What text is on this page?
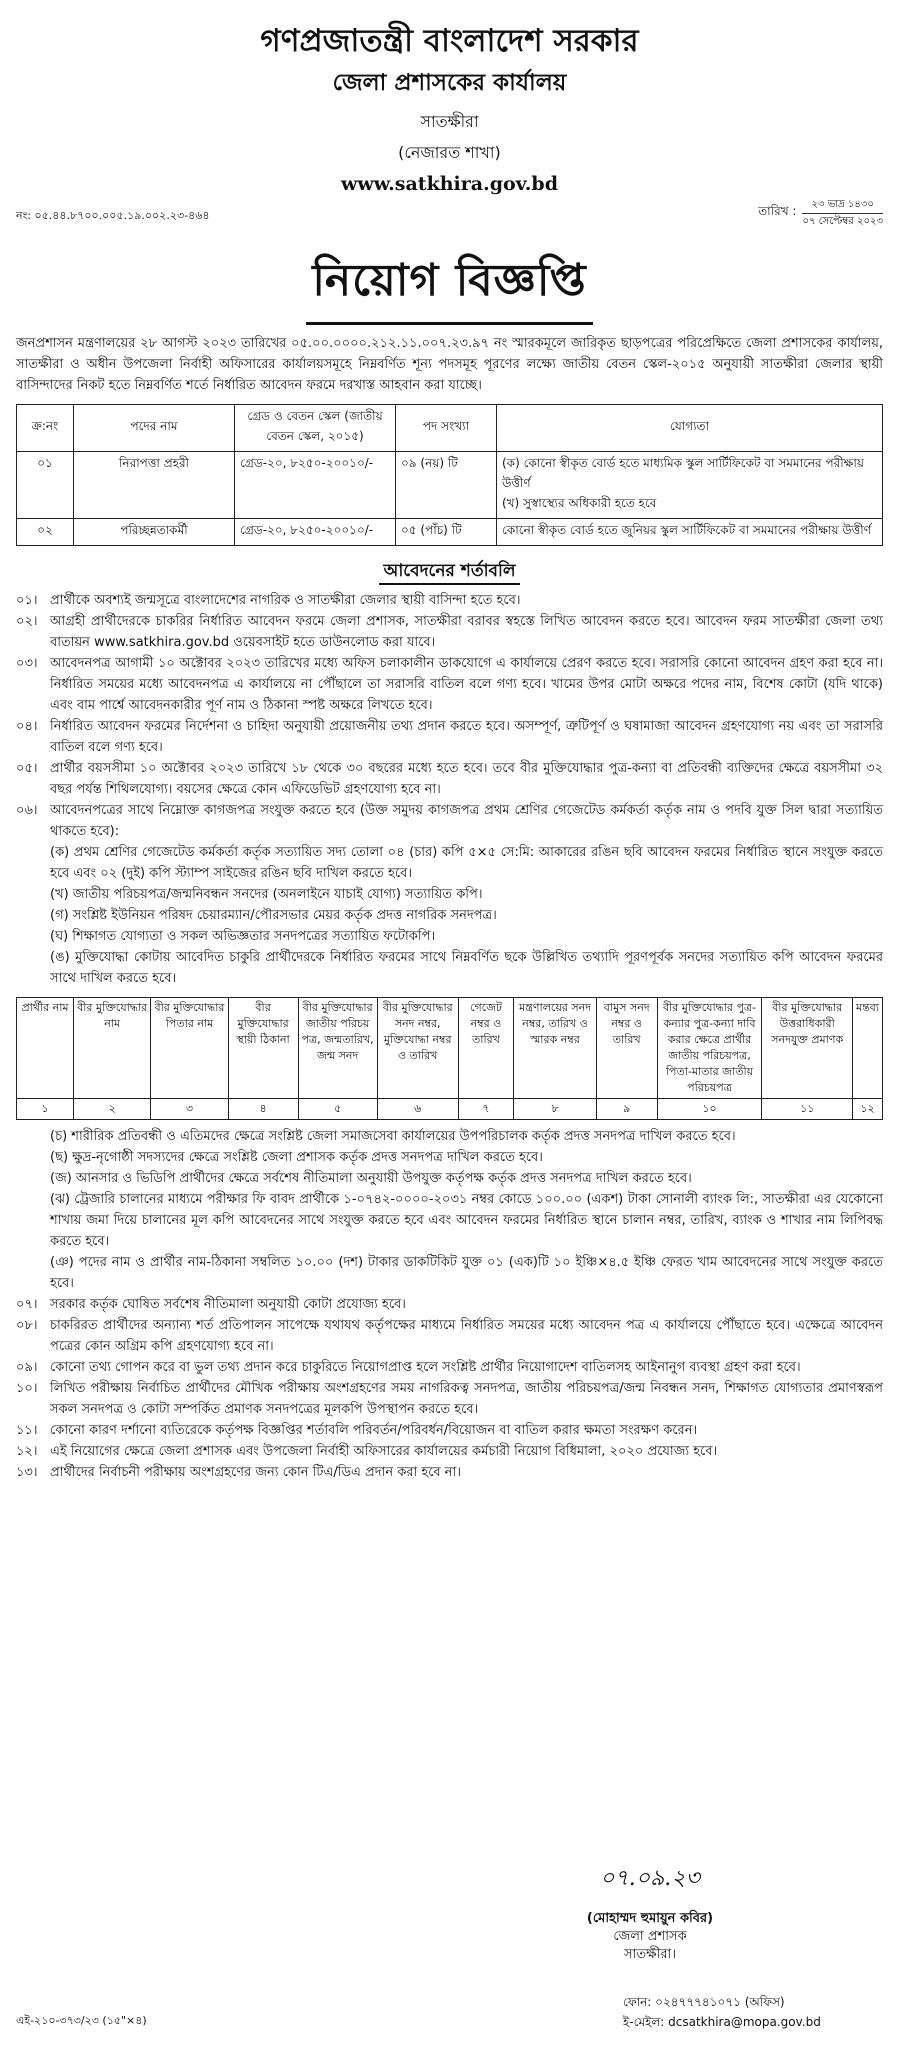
গণপ্রজাতন্ত্রী বাংলাদেশ সরকার
জেলা প্রশাসকের কার্যালয়
সাতক্ষীরা
(নেজারত শাখা)
www.satkhira.gov.bd
নং: ০৫.৪৪.৮৭০০.০০৫.১৯.০০২.২৩-৪৬৪	তারিখ :	২৩ ভাদ্র ১৪৩০
০৭ সেপ্টেম্বর ২০২৩
নিয়োগ বিজ্ঞপ্তি
জনপ্রশাসন মন্ত্রণালয়ের ২৮ আগস্ট ২০২৩ তারিখের ০৫.০০.০০০০.২১২.১১.০০৭.২৩.৯৭ নং স্মারকমূলে জারিকৃত ছাড়পত্রের পরিপ্রেক্ষিতে জেলা প্রশাসকের কার্যালয়, সাতক্ষীরা ও অধীন উপজেলা নির্বাহী অফিসারের কার্যালয়সমূহে নিম্নবর্ণিত শূন্য পদসমূহ পূরণের লক্ষ্যে জাতীয় বেতন স্কেল-২০১৫ অনুযায়ী সাতক্ষীরা জেলার স্থায়ী বাসিন্দাদের নিকট হতে নিম্নবর্ণিত শর্তে নির্ধারিত আবেদন ফরমে দরখাস্ত আহবান করা যাচ্ছে।
ক্র:নং	পদের নাম	গ্রেড ও বেতন স্কেল (জাতীয় বেতন স্কেল, ২০১৫)	পদ সংখ্যা	যোগ্যতা
০১	নিরাপত্তা প্রহরী	গ্রেড-২০, ৮২৫০-২০০১০/-	০৯ (নয়) টি	(ক) কোনো স্বীকৃত বোর্ড হতে মাধ্যমিক স্কুল সার্টিফিকেট বা সমমানের পরীক্ষায় উত্তীর্ণ
(খ) সুস্বাস্থ্যের অধিকারী হতে হবে
০২	পরিচ্ছন্নতাকর্মী	গ্রেড-২০, ৮২৫০-২০০১০/-	০৫ (পাঁচ) টি	কোনো স্বীকৃত বোর্ড হতে জুনিয়র স্কুল সার্টিফিকেট বা সমমানের পরীক্ষায় উত্তীর্ণ
আবেদনের শর্তাবলি
০১। প্রার্থীকে অবশ্যই জন্মসূত্রে বাংলাদেশের নাগরিক ও সাতক্ষীরা জেলার স্থায়ী বাসিন্দা হতে হবে।
০২। আগ্রহী প্রার্থীদেরকে চাকরির নির্ধারিত আবেদন ফরমে জেলা প্রশাসক, সাতক্ষীরা বরাবর স্বহস্তে লিখিত আবেদন করতে হবে। আবেদন ফরম সাতক্ষীরা জেলা তথ্য বাতায়ন www.satkhira.gov.bd ওয়েবসাইট হতে ডাউনলোড করা যাবে।
০৩। আবেদনপত্র আগামী ১০ অক্টোবর ২০২৩ তারিখের মধ্যে অফিস চলাকালীন ডাকযোগে এ কার্যালয়ে প্রেরণ করতে হবে। সরাসরি কোনো আবেদন গ্রহণ করা হবে না। নির্ধারিত সময়ের মধ্যে আবেদনপত্র এ কার্যালয়ে না পৌঁছালে তা সরাসরি বাতিল বলে গণ্য হবে। খামের উপর মোটা অক্ষরে পদের নাম, বিশেষ কোটা (যদি থাকে) এবং বাম পার্শ্বে আবেদনকারীর পূর্ণ নাম ও ঠিকানা স্পষ্ট অক্ষরে লিখতে হবে।
০৪। নির্ধারিত আবেদন ফরমের নির্দেশনা ও চাহিদা অনুযায়ী প্রয়োজনীয় তথ্য প্রদান করতে হবে। অসম্পূর্ণ, ত্রুটিপূর্ণ ও ঘষামাজা আবেদন গ্রহণযোগ্য নয় এবং তা সরাসরি বাতিল বলে গণ্য হবে।
০৫। প্রার্থীর বয়সসীমা ১০ অক্টোবর ২০২৩ তারিখে ১৮ থেকে ৩০ বছরের মধ্যে হতে হবে। তবে বীর মুক্তিযোদ্ধার পুত্র-কন্যা বা প্রতিবন্ধী ব্যক্তিদের ক্ষেত্রে বয়সসীমা ৩২ বছর পর্যন্ত শিথিলযোগ্য। বয়সের ক্ষেত্রে কোন এফিডেভিট গ্রহণযোগ্য হবে না।
০৬। আবেদনপত্রের সাথে নিম্নোক্ত কাগজপত্র সংযুক্ত করতে হবে (উক্ত সমুদয় কাগজপত্র প্রথম শ্রেণির গেজেটেড কর্মকর্তা কর্তৃক নাম ও পদবি যুক্ত সিল দ্বারা সত্যায়িত থাকতে হবে):
(ক) প্রথম শ্রেণির গেজেটেড কর্মকর্তা কর্তৃক সত্যায়িত সদ্য তোলা ০৪ (চার) কপি ৫×৫ সে:মি: আকারের রঙিন ছবি আবেদন ফরমের নির্ধারিত স্থানে সংযুক্ত করতে হবে এবং ০২ (দুই) কপি স্ট্যাম্প সাইজের রঙিন ছবি দাখিল করতে হবে।
(খ) জাতীয় পরিচয়পত্র/জন্মনিবন্ধন সনদের (অনলাইনে যাচাই যোগ্য) সত্যায়িত কপি।
(গ) সংশ্লিষ্ট ইউনিয়ন পরিষদ চেয়ারম্যান/পৌরসভার মেয়র কর্তৃক প্রদত্ত নাগরিক সনদপত্র।
(ঘ) শিক্ষাগত যোগ্যতা ও সকল অভিজ্ঞতার সনদপত্রের সত্যায়িত ফটোকপি।
(ঙ) মুক্তিযোদ্ধা কোটায় আবেদিত চাকুরি প্রার্থীদেরকে নির্ধারিত ফরমের সাথে নিম্নবর্ণিত ছকে উল্লিখিত তথ্যাদি পূরণপূর্বক সনদের সত্যায়িত কপি আবেদন ফরমের সাথে দাখিল করতে হবে।
প্রার্থীর নাম	বীর মুক্তিযোদ্ধার নাম	বীর মুক্তিযোদ্ধার পিতার নাম	বীর মুক্তিযোদ্ধার স্থায়ী ঠিকানা	বীর মুক্তিযোদ্ধার জাতীয় পরিচয় পত্র, জন্মতারিখ, জন্ম সনদ	বীর মুক্তিযোদ্ধার সনদ নম্বর, মুক্তিযোদ্ধা নম্বর ও তারিখ	গেজেট নম্বর ও তারিখ	মন্ত্রণালয়ের সনদ নম্বর, তারিখ ও স্মারক নম্বর	বামুস সনদ নম্বর ও তারিখ	বীর মুক্তিযোদ্ধার পুত্র-কন্যার পুত্র-কন্যা দাবি করার ক্ষেত্রে প্রার্থীর জাতীয় পরিচয়পত্র, পিতা-মাতার জাতীয় পরিচয়পত্র	বীর মুক্তিযোদ্ধার উত্তরাধিকারী সনদযুক্ত প্রমাণক	মন্তব্য
১	২	৩	৪	৫	৬	৭	৮	৯	১০	১১	১২
(চ) শারীরিক প্রতিবন্ধী ও এতিমদের ক্ষেত্রে সংশ্লিষ্ট জেলা সমাজসেবা কার্যালয়ের উপপরিচালক কর্তৃক প্রদত্ত সনদপত্র দাখিল করতে হবে।
(ছ) ক্ষুদ্র-নৃগোষ্ঠী সদস্যদের ক্ষেত্রে সংশ্লিষ্ট জেলা প্রশাসক কর্তৃক প্রদত্ত সনদপত্র দাখিল করতে হবে।
(জ) আনসার ও ভিডিপি প্রার্থীদের ক্ষেত্রে সর্বশেষ নীতিমালা অনুযায়ী উপযুক্ত কর্তৃপক্ষ কর্তৃক প্রদত্ত সনদপত্র দাখিল করতে হবে।
(ঝ) ট্রেজারি চালানের মাধ্যমে পরীক্ষার ফি বাবদ প্রার্থীকে ১-০৭৪২-০০০০-২০৩১ নম্বর কোডে ১০০.০০ (একশ) টাকা সোনালী ব্যাংক লি:, সাতক্ষীরা এর যেকোনো শাখায় জমা দিয়ে চালানের মূল কপি আবেদনের সাথে সংযুক্ত করতে হবে এবং আবেদন ফরমের নির্ধারিত স্থানে চালান নম্বর, তারিখ, ব্যাংক ও শাখার নাম লিপিবদ্ধ করতে হবে।
(ঞ) পদের নাম ও প্রার্থীর নাম-ঠিকানা সম্বলিত ১০.০০ (দশ) টাকার ডাকটিকিট যুক্ত ০১ (এক)টি ১০ ইঞ্চি×৪.৫ ইঞ্চি ফেরত খাম আবেদনের সাথে সংযুক্ত করতে হবে।
০৭। সরকার কর্তৃক ঘোষিত সর্বশেষ নীতিমালা অনুযায়ী কোটা প্রযোজ্য হবে।
০৮। চাকরিরত প্রার্থীদের অন্যান্য শর্ত প্রতিপালন সাপেক্ষে যথাযথ কর্তৃপক্ষের মাধ্যমে নির্ধারিত সময়ের মধ্যে আবেদন পত্র এ কার্যালয়ে পৌঁছাতে হবে। এক্ষেত্রে আবেদন পত্রের কোন অগ্রিম কপি গ্রহণযোগ্য হবে না।
০৯। কোনো তথ্য গোপন করে বা ভুল তথ্য প্রদান করে চাকুরিতে নিয়োগপ্রাপ্ত হলে সংশ্লিষ্ট প্রার্থীর নিয়োগাদেশ বাতিলসহ আইনানুগ ব্যবস্থা গ্রহণ করা হবে।
১০। লিখিত পরীক্ষায় নির্বাচিত প্রার্থীদের মৌখিক পরীক্ষায় অংশগ্রহণের সময় নাগরিকত্ব সনদপত্র, জাতীয় পরিচয়পত্র/জন্ম নিবন্ধন সনদ, শিক্ষাগত যোগ্যতার প্রমাণস্বরূপ সকল সনদপত্র ও কোটা সম্পর্কিত প্রমাণক সনদপত্রের মূলকপি উপস্থাপন করতে হবে।
১১। কোনো কারণ দর্শানো ব্যতিরেকে কর্তৃপক্ষ বিজ্ঞপ্তির শর্তাবলি পরিবর্তন/পরিবর্ধন/বিয়োজন বা বাতিল করার ক্ষমতা সংরক্ষণ করেন।
১২। এই নিয়োগের ক্ষেত্রে জেলা প্রশাসক এবং উপজেলা নির্বাহী অফিসারের কার্যালয়ের কর্মচারী নিয়োগ বিধিমালা, ২০২০ প্রযোজ্য হবে।
১৩। প্রার্থীদের নির্বাচনী পরীক্ষায় অংশগ্রহণের জন্য কোন টিএ/ডিএ প্রদান করা হবে না।
০৭.০৯.২৩
(মোহাম্মদ হুমায়ুন কবির)
জেলা প্রশাসক
সাতক্ষীরা।
ফোন: ০২৪৭৭৭৪১০৭১ (অফিস)
ই-মেইল: dcsatkhira@mopa.gov.bd
এই-২১০-৩৭৩/২৩ (১৫"×৪)
